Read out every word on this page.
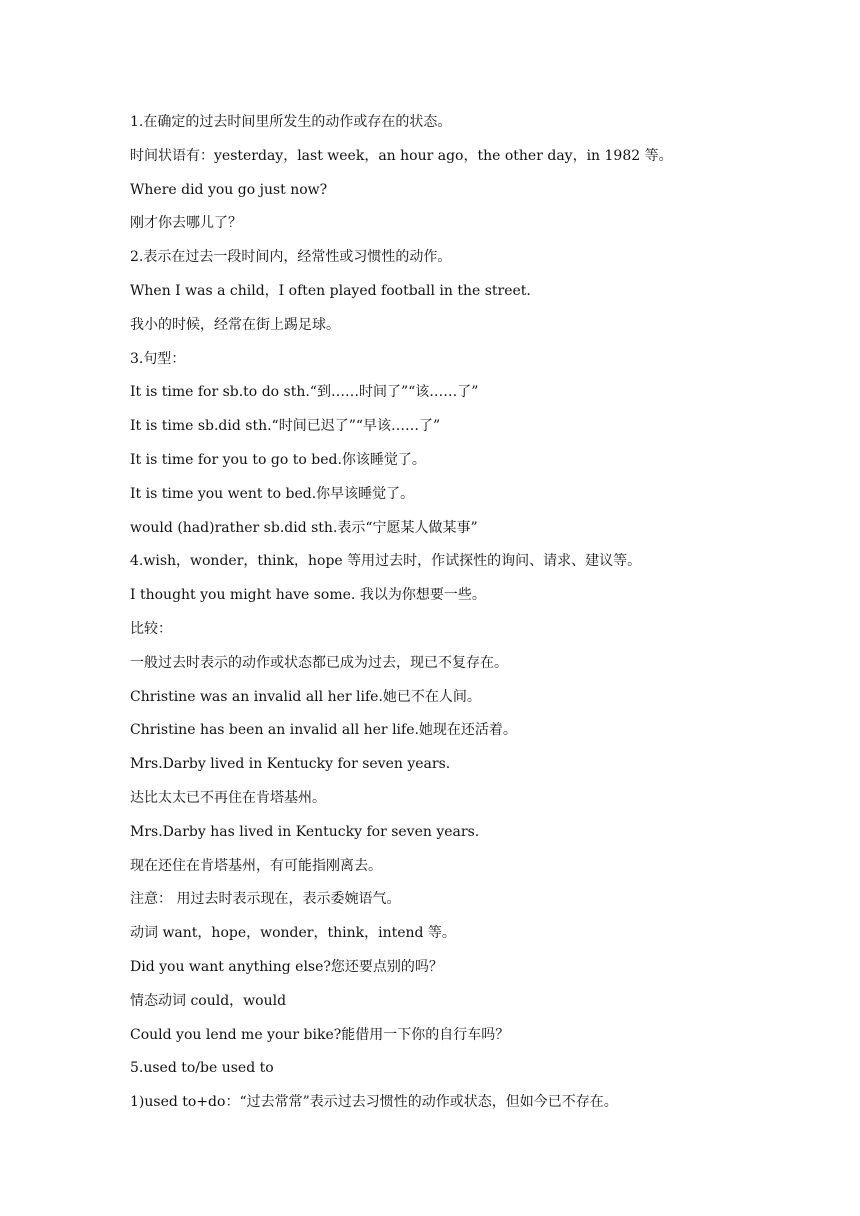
1.在确定的过去时间里所发生的动作或存在的状态。
时间状语有：yesterday，last week，an hour ago，the other day，in 1982 等。
Where did you go just now?
刚才你去哪儿了？
2.表示在过去一段时间内，经常性或习惯性的动作。
When I was a child，I often played football in the street.
我小的时候，经常在街上踢足球。
3.句型：
It is time for sb.to do sth.“到……时间了”“该……了”
It is time sb.did sth.“时间已迟了”“早该……了”
It is time for you to go to bed.你该睡觉了。
It is time you went to bed.你早该睡觉了。
would (had)rather sb.did sth.表示“宁愿某人做某事”
4.wish，wonder，think，hope 等用过去时，作试探性的询问、请求、建议等。
I thought you might have some. 我以为你想要一些。
比较：
一般过去时表示的动作或状态都已成为过去，现已不复存在。
Christine was an invalid all her life.她已不在人间。
Christine has been an invalid all her life.她现在还活着。
Mrs.Darby lived in Kentucky for seven years.
达比太太已不再住在肯塔基州。
Mrs.Darby has lived in Kentucky for seven years.
现在还住在肯塔基州，有可能指刚离去。
注意： 用过去时表示现在，表示委婉语气。
动词 want，hope，wonder，think，intend 等。
Did you want anything else?您还要点别的吗？
情态动词 could，would
Could you lend me your bike?能借用一下你的自行车吗？
5.used to/be used to
1)used to+do：“过去常常”表示过去习惯性的动作或状态，但如今已不存在。
